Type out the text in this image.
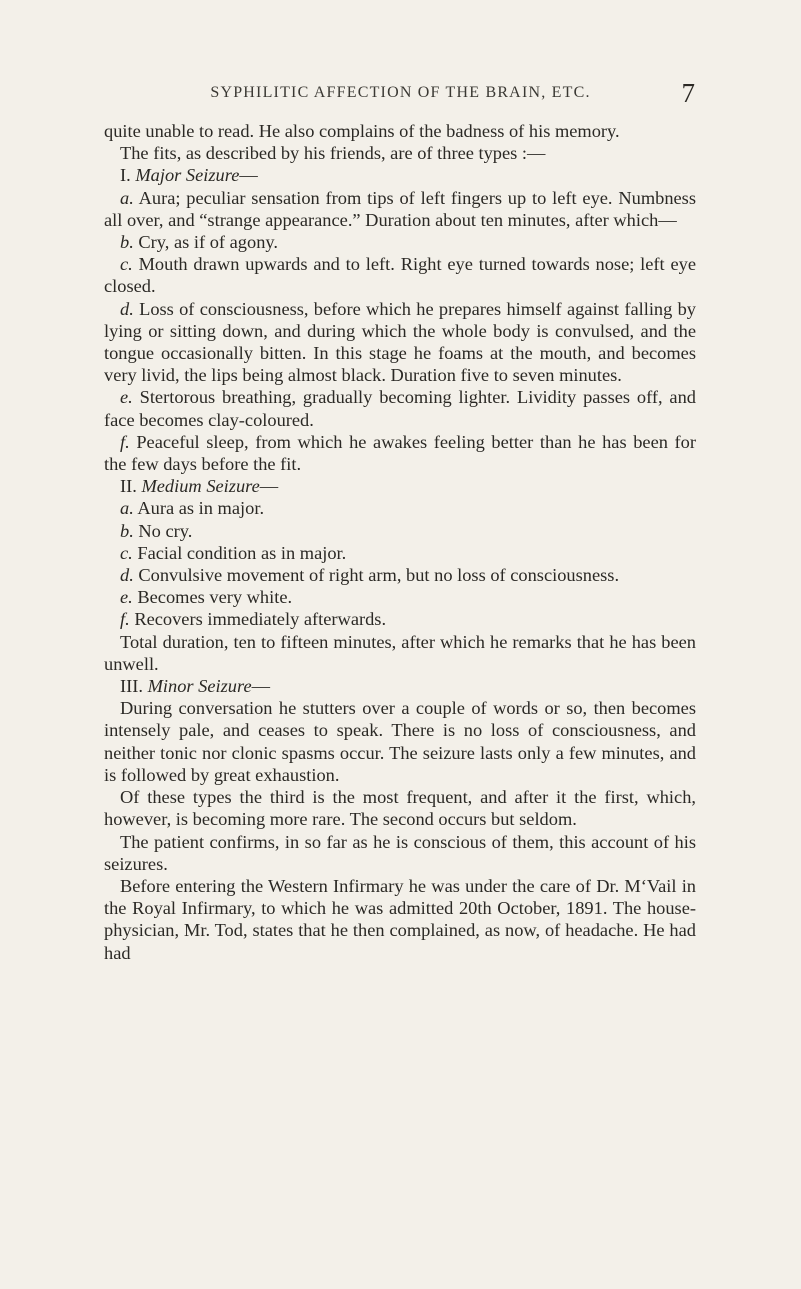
SYPHILITIC AFFECTION OF THE BRAIN, ETC.	7

quite unable to read. He also complains of the badness of his memory.

The fits, as described by his friends, are of three types :—

I. Major Seizure—

a. Aura; peculiar sensation from tips of left fingers up to left eye. Numbness all over, and “strange appearance.” Duration about ten minutes, after which—

b. Cry, as if of agony.

c. Mouth drawn upwards and to left. Right eye turned towards nose; left eye closed.

d. Loss of consciousness, before which he prepares himself against falling by lying or sitting down, and during which the whole body is convulsed, and the tongue occasionally bitten. In this stage he foams at the mouth, and becomes very livid, the lips being almost black. Duration five to seven minutes.

e. Stertorous breathing, gradually becoming lighter. Lividity passes off, and face becomes clay-coloured.

f. Peaceful sleep, from which he awakes feeling better than he has been for the few days before the fit.

II. Medium Seizure—

a. Aura as in major.

b. No cry.

c. Facial condition as in major.

d. Convulsive movement of right arm, but no loss of consciousness.

e. Becomes very white.

f. Recovers immediately afterwards.

Total duration, ten to fifteen minutes, after which he remarks that he has been unwell.

III. Minor Seizure—

During conversation he stutters over a couple of words or so, then becomes intensely pale, and ceases to speak. There is no loss of consciousness, and neither tonic nor clonic spasms occur. The seizure lasts only a few minutes, and is followed by great exhaustion.

Of these types the third is the most frequent, and after it the first, which, however, is becoming more rare. The second occurs but seldom.

The patient confirms, in so far as he is conscious of them, this account of his seizures.

Before entering the Western Infirmary he was under the care of Dr. M‘Vail in the Royal Infirmary, to which he was admitted 20th October, 1891. The house-physician, Mr. Tod, states that he then complained, as now, of headache. He had had
